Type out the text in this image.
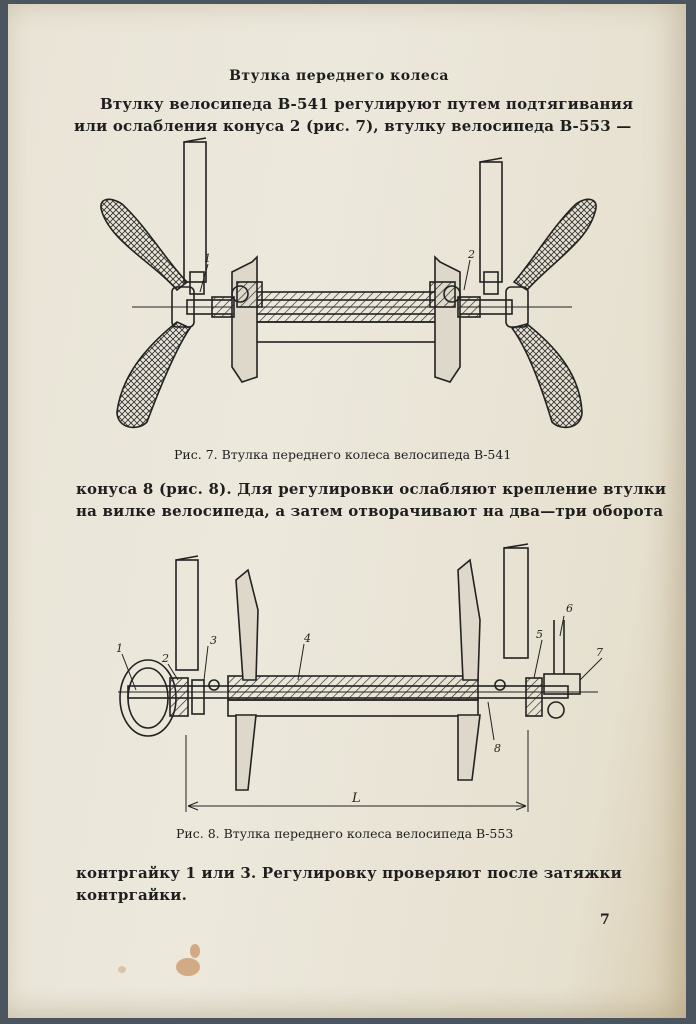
Втулка переднего колеса
Втулку велосипеда В-541 регулируют путем подтягивания
или ослабления конуса 2 (рис. 7), втулку велосипеда В-553 —
1	2
Рис. 7. Втулка переднего колеса велосипеда В-541
конуса 8 (рис. 8). Для регулировки ослабляют крепление втулки
на вилке велосипеда, а затем отворачивают на два—три оборота
1
2
3	4	5
6
7
8
L
Рис. 8. Втулка переднего колеса велосипеда В-553
контргайку 1 или 3. Регулировку проверяют после затяжки
контргайки.
7
